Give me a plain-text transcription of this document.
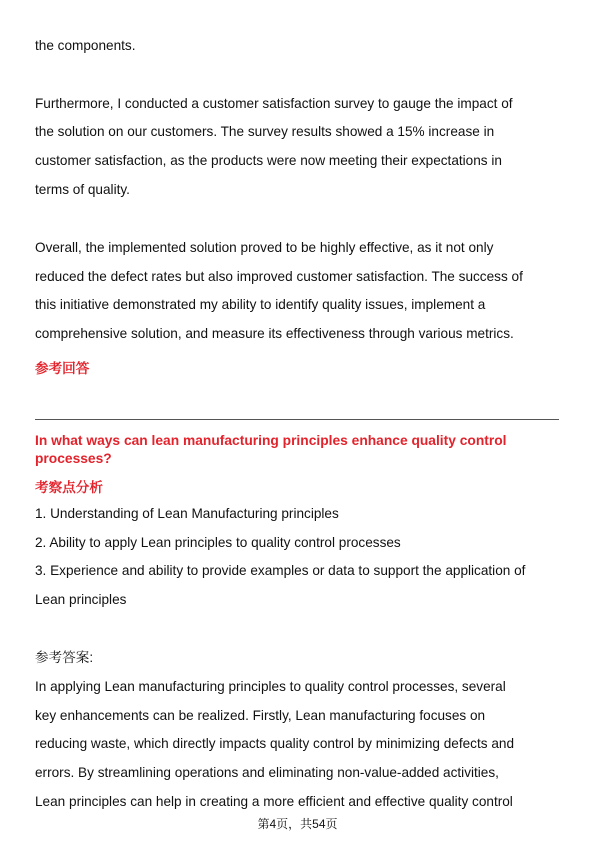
the components.
Furthermore, I conducted a customer satisfaction survey to gauge the impact of
the solution on our customers. The survey results showed a 15% increase in
customer satisfaction, as the products were now meeting their expectations in
terms of quality.
Overall, the implemented solution proved to be highly effective, as it not only
reduced the defect rates but also improved customer satisfaction. The success of
this initiative demonstrated my ability to identify quality issues, implement a
comprehensive solution, and measure its effectiveness through various metrics.
参考回答
In what ways can lean manufacturing principles enhance quality control
processes?
考察点分析
1. Understanding of Lean Manufacturing principles
2. Ability to apply Lean principles to quality control processes
3. Experience and ability to provide examples or data to support the application of
Lean principles
参考答案:
In applying Lean manufacturing principles to quality control processes, several
key enhancements can be realized. Firstly, Lean manufacturing focuses on
reducing waste, which directly impacts quality control by minimizing defects and
errors. By streamlining operations and eliminating non-value-added activities,
Lean principles can help in creating a more efficient and effective quality control
第4页，共54页
